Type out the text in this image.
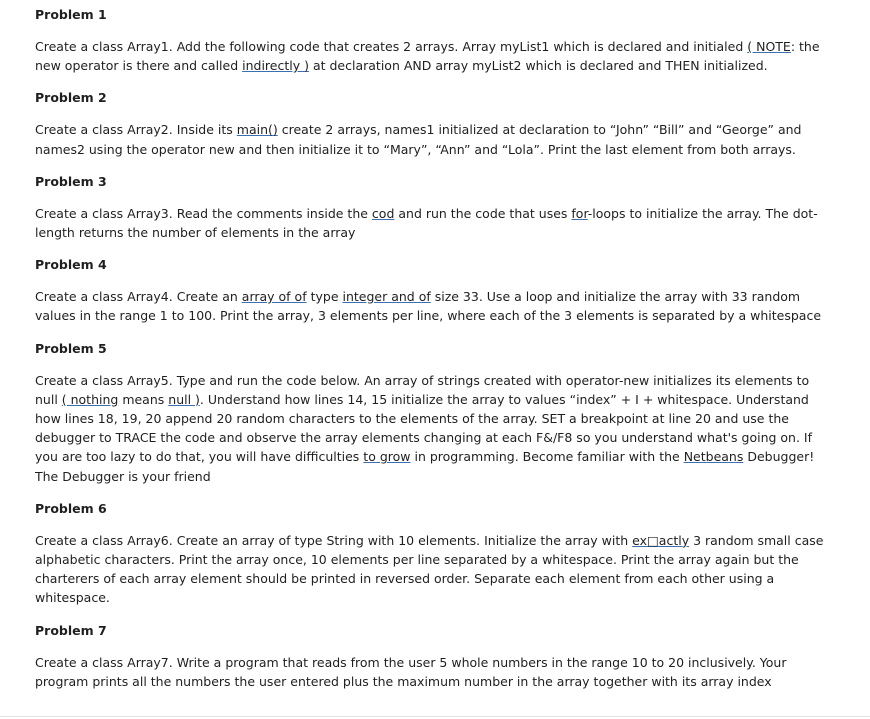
Problem 1

Create a class Array1. Add the following code that creates 2 arrays. Array myList1 which is declared and initialed ( NOTE: the new operator is there and called indirectly ) at declaration AND array myList2 which is declared and THEN initialized.

Problem 2

Create a class Array2. Inside its main() create 2 arrays, names1 initialized at declaration to “John” “Bill” and “George” and names2 using the operator new and then initialize it to “Mary”, “Ann” and “Lola”. Print the last element from both arrays.

Problem 3

Create a class Array3. Read the comments inside the cod and run the code that uses for-loops to initialize the array. The dot-length returns the number of elements in the array

Problem 4

Create a class Array4. Create an array of of type integer and of size 33. Use a loop and initialize the array with 33 random values in the range 1 to 100. Print the array, 3 elements per line, where each of the 3 elements is separated by a whitespace

Problem 5

Create a class Array5. Type and run the code below. An array of strings created with operator-new initializes its elements to null ( nothing means null ). Understand how lines 14, 15 initialize the array to values “index” + I + whitespace. Understand how lines 18, 19, 20 append 20 random characters to the elements of the array. SET a breakpoint at line 20 and use the debugger to TRACE the code and observe the array elements changing at each F&/F8 so you understand what's going on. If you are too lazy to do that, you will have difficulties to grow in programming. Become familiar with the Netbeans Debugger! The Debugger is your friend

Problem 6

Create a class Array6. Create an array of type String with 10 elements. Initialize the array with ex□actly 3 random small case alphabetic characters. Print the array once, 10 elements per line separated by a whitespace. Print the array again but the charterers of each array element should be printed in reversed order. Separate each element from each other using a whitespace.

Problem 7

Create a class Array7. Write a program that reads from the user 5 whole numbers in the range 10 to 20 inclusively. Your program prints all the numbers the user entered plus the maximum number in the array together with its array index
